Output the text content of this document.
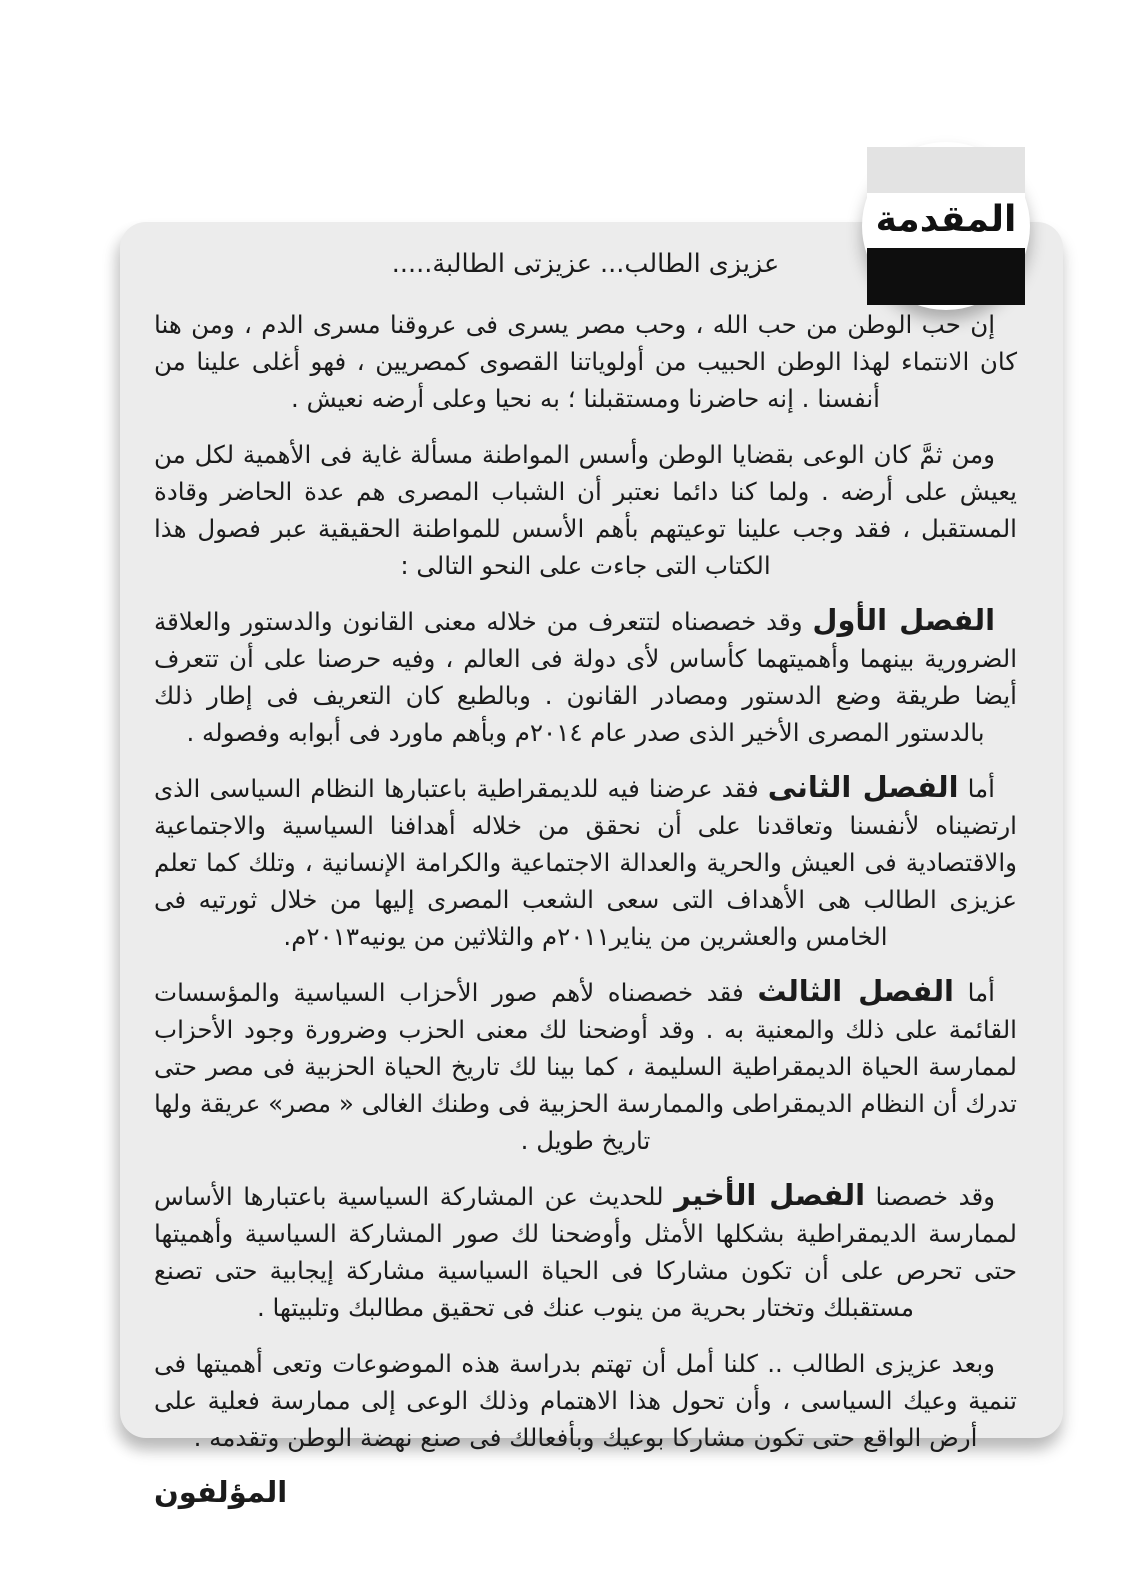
المقدمة
عزيزى الطالب... عزيزتى الطالبة.....

إن حب الوطن من حب الله ، وحب مصر يسرى فى عروقنا مسرى الدم ، ومن هنا كان الانتماء لهذا الوطن الحبيب من أولوياتنا القصوى كمصريين ، فهو أغلى علينا من أنفسنا . إنه حاضرنا ومستقبلنا ؛ به نحيا وعلى أرضه نعيش .

ومن ثمَّ كان الوعى بقضايا الوطن وأسس المواطنة مسألة غاية فى الأهمية لكل من يعيش على أرضه . ولما كنا دائما نعتبر أن الشباب المصرى هم عدة الحاضر وقادة المستقبل ، فقد وجب علينا توعيتهم بأهم الأسس للمواطنة الحقيقية عبر فصول هذا الكتاب التى جاءت على النحو التالى :

الفصل الأول وقد خصصناه لتتعرف من خلاله معنى القانون والدستور والعلاقة الضرورية بينهما وأهميتهما كأساس لأى دولة فى العالم ، وفيه حرصنا على أن تتعرف أيضا طريقة وضع الدستور ومصادر القانون . وبالطبع كان التعريف فى إطار ذلك بالدستور المصرى الأخير الذى صدر عام ٢٠١٤م وبأهم ماورد فى أبوابه وفصوله .

أما الفصل الثانى فقد عرضنا فيه للديمقراطية باعتبارها النظام السياسى الذى ارتضيناه لأنفسنا وتعاقدنا على أن نحقق من خلاله أهدافنا السياسية والاجتماعية والاقتصادية فى العيش والحرية والعدالة الاجتماعية والكرامة الإنسانية ، وتلك كما تعلم عزيزى الطالب هى الأهداف التى سعى الشعب المصرى إليها من خلال ثورتيه فى الخامس والعشرين من يناير٢٠١١م والثلاثين من يونيه٢٠١٣م.

أما الفصل الثالث فقد خصصناه لأهم صور الأحزاب السياسية والمؤسسات القائمة على ذلك والمعنية به . وقد أوضحنا لك معنى الحزب وضرورة وجود الأحزاب لممارسة الحياة الديمقراطية السليمة ، كما بينا لك تاريخ الحياة الحزبية فى مصر حتى تدرك أن النظام الديمقراطى والممارسة الحزبية فى وطنك الغالى « مصر» عريقة ولها تاريخ طويل .

وقد خصصنا الفصل الأخير للحديث عن المشاركة السياسية باعتبارها الأساس لممارسة الديمقراطية بشكلها الأمثل وأوضحنا لك صور المشاركة السياسية وأهميتها حتى تحرص على أن تكون مشاركا فى الحياة السياسية مشاركة إيجابية حتى تصنع مستقبلك وتختار بحرية من ينوب عنك فى تحقيق مطالبك وتلبيتها .

وبعد عزيزى الطالب .. كلنا أمل أن تهتم بدراسة هذه الموضوعات وتعى أهميتها فى تنمية وعيك السياسى ، وأن تحول هذا الاهتمام وذلك الوعى إلى ممارسة فعلية على أرض الواقع حتى تكون مشاركا بوعيك وبأفعالك فى صنع نهضة الوطن وتقدمه .

المؤلفون
